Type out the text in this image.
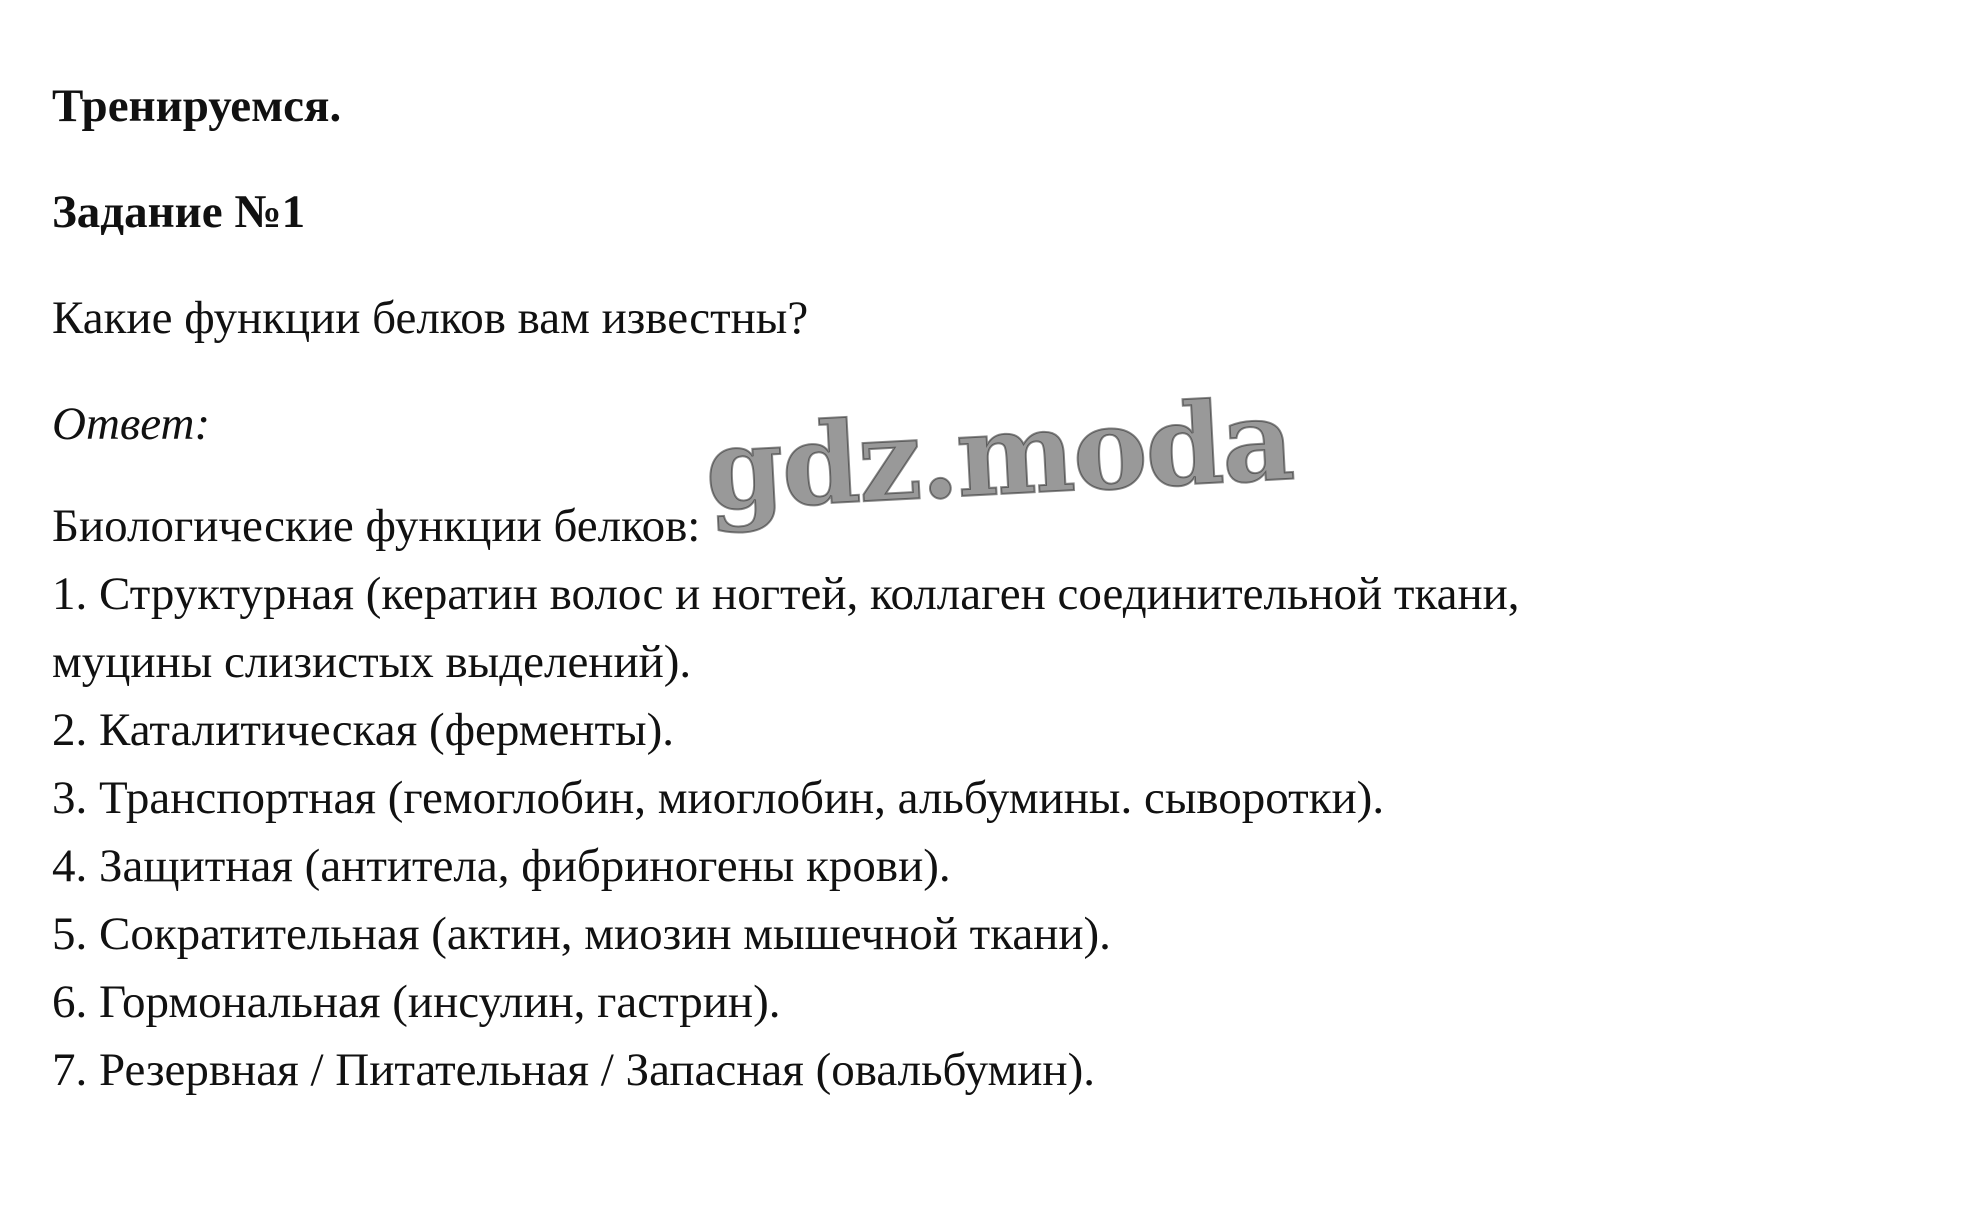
Тренируемся.

Задание №1

Какие функции белков вам известны?

Ответ:

Биологические функции белков:
1. Структурная (кератин волос и ногтей, коллаген соединительной ткани,
муцины слизистых выделений).
2. Каталитическая (ферменты).
3. Транспортная (гемоглобин, миоглобин, альбумины. сыворотки).
4. Защитная (антитела, фибриногены крови).
5. Сократительная (актин, миозин мышечной ткани).
6. Гормональная (инсулин, гастрин).
7. Резервная / Питательная / Запасная (овальбумин).
gdz.moda
